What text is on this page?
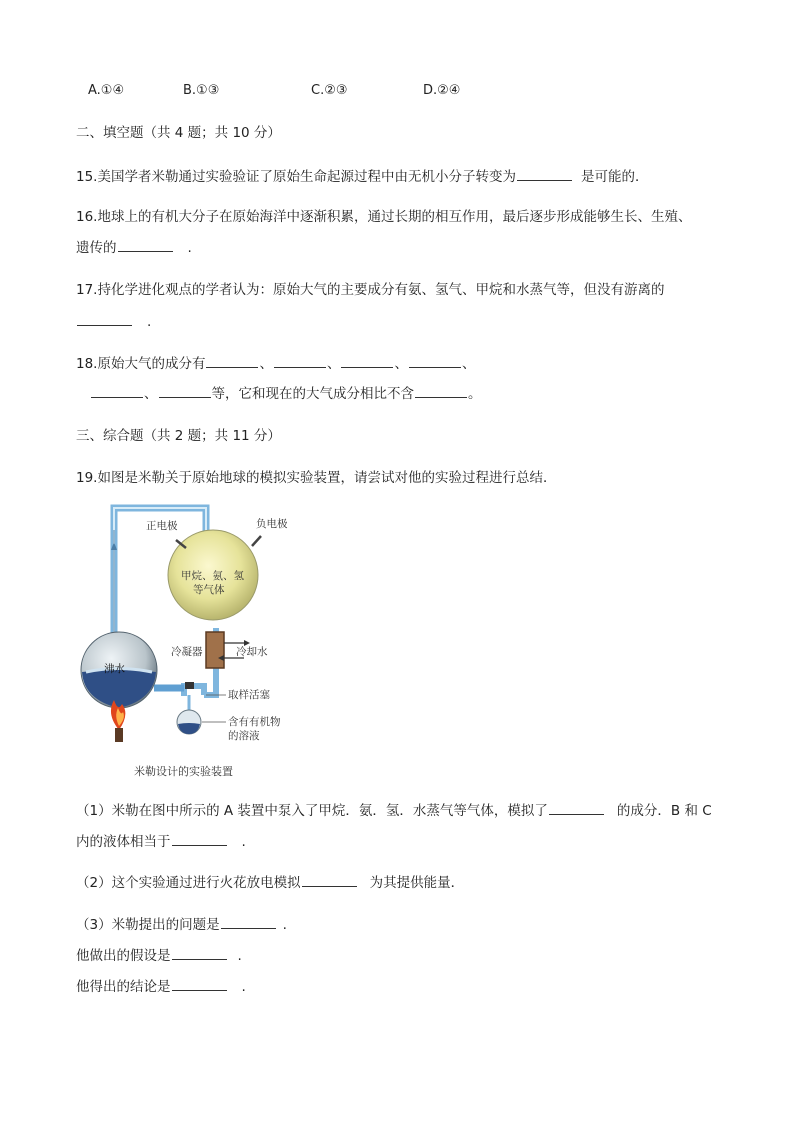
A.①④	B.①③	C.②③	D.②④
二、填空题（共 4 题；共 10 分）
15.美国学者米勒通过实验验证了原始生命起源过程中由无机小分子转变为	是可能的．
16.地球上的有机大分子在原始海洋中逐渐积累，通过长期的相互作用，最后逐步形成能够生长、生殖、
遗传的	.
17.持化学进化观点的学者认为：原始大气的主要成分有氨、氢气、甲烷和水蒸气等，但没有游离的
.
18.原始大气的成分有	、	、	、	、
、	等，它和现在的大气成分相比不含	。
三、综合题（共 2 题；共 11 分）
19.如图是米勒关于原始地球的模拟实验装置，请尝试对他的实验过程进行总结．
正电极	负电极
甲烷、氨、氢
等气体
冷凝器	冷却水
沸水
取样活塞
含有有机物
的溶液
米勒设计的实验装置
（1）米勒在图中所示的 A 装置中泵入了甲烷．氨．氢．水蒸气等气体，模拟了	的成分．B 和 C
内的液体相当于	.
（2）这个实验通过进行火花放电模拟	为其提供能量．
（3）米勒提出的问题是	.
他做出的假设是	.
他得出的结论是	.
